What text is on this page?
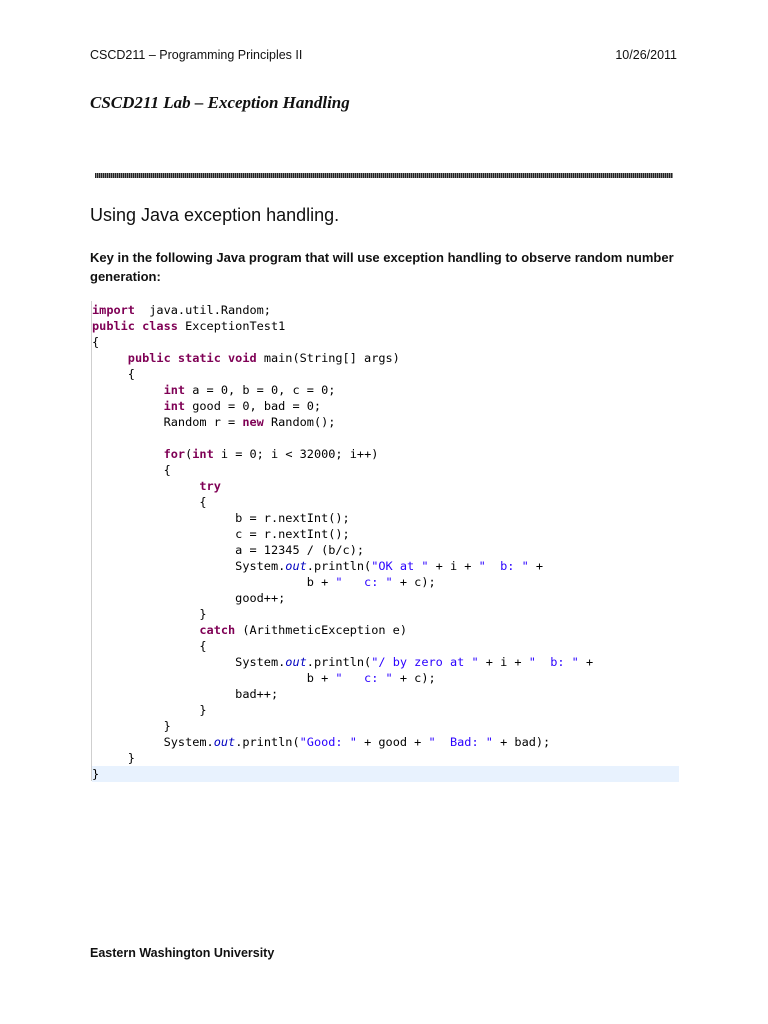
CSCD211 – Programming Principles II	10/26/2011
CSCD211 Lab – Exception Handling
Using Java exception handling.
Key in the following Java program that will use exception handling to observe random number generation:
import  java.util.Random;
public class ExceptionTest1
{
public static void main(String[] args)
{
int a = 0, b = 0, c = 0;
int good = 0, bad = 0;
Random r = new Random();
for(int i = 0; i < 32000; i++)
{
try
{
b = r.nextInt();
c = r.nextInt();
a = 12345 / (b/c);
System.out.println("OK at " + i + "  b: " +
b + "   c: " + c);
good++;
}
catch (ArithmeticException e)
{
System.out.println("/ by zero at " + i + "  b: " +
b + "   c: " + c);
bad++;
}
}
System.out.println("Good: " + good + "  Bad: " + bad);
}
}
Eastern Washington University
